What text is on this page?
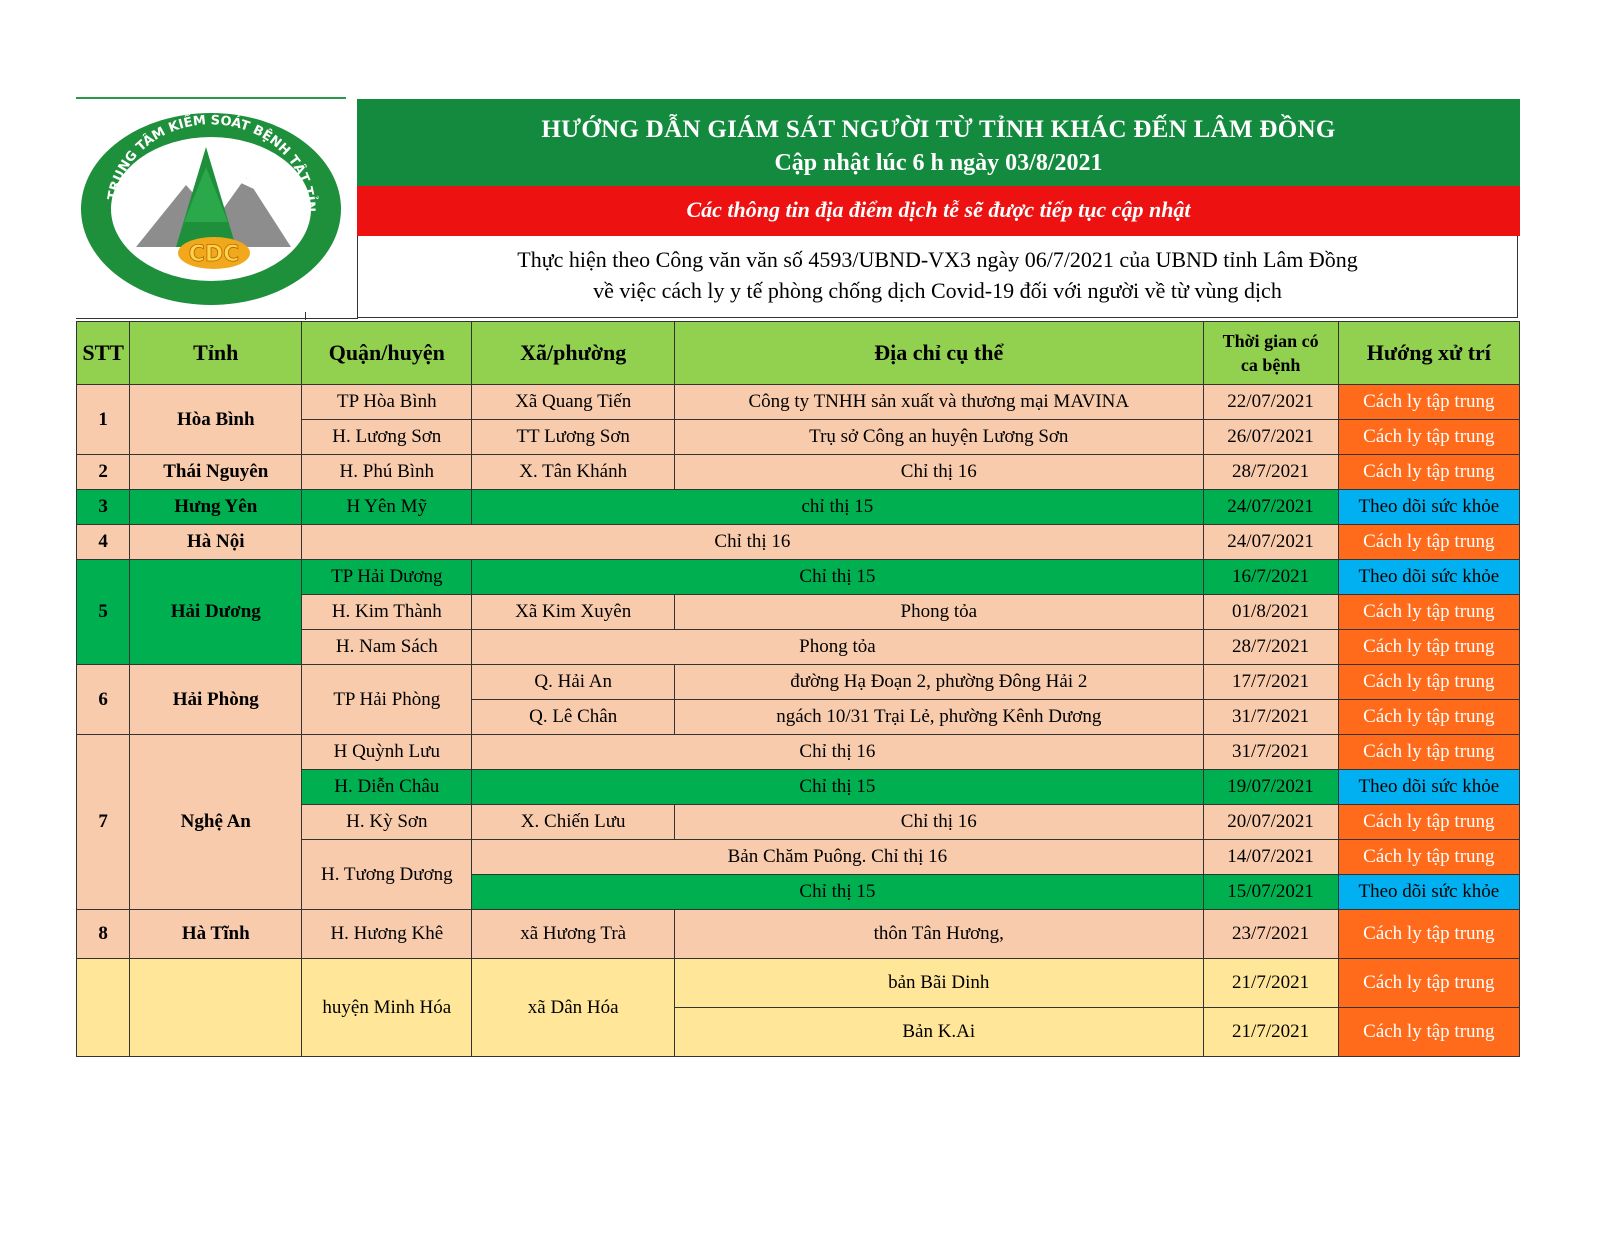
CDC
TRUNG TÂM KIỂM SOÁT BỆNH TẬT TỈN
HƯỚNG DẪN GIÁM SÁT NGƯỜI TỪ TỈNH KHÁC ĐẾN LÂM ĐỒNG
Cập nhật lúc 6 h ngày 03/8/2021
Các thông tin địa điểm dịch tễ sẽ được tiếp tục cập nhật
Thực hiện theo Công văn văn số 4593/UBND-VX3 ngày 06/7/2021 của UBND tỉnh Lâm Đồng
về việc cách ly y tế phòng chống dịch Covid-19 đối với người về từ vùng dịch
STT	Tỉnh	Quận/huyện	Xã/phường	Địa chỉ cụ thể	Thời gian có
ca bệnh	Hướng xử trí
1	Hòa Bình	TP Hòa Bình	Xã Quang Tiến	Công ty TNHH sản xuất và thương mại MAVINA	22/07/2021	Cách ly tập trung
		H. Lương Sơn	TT Lương Sơn	Trụ sở Công an huyện Lương Sơn	26/07/2021	Cách ly tập trung
2	Thái Nguyên	H. Phú Bình	X. Tân Khánh	Chỉ thị 16	28/7/2021	Cách ly tập trung
3	Hưng Yên	H Yên Mỹ	chỉ thị 15		24/07/2021	Theo dõi sức khỏe
4	Hà Nội	Chỉ thị 16			24/07/2021	Cách ly tập trung
5	Hải Dương	TP Hải Dương	Chỉ thị 15		16/7/2021	Theo dõi sức khỏe
		H. Kim Thành	Xã Kim Xuyên	Phong tỏa	01/8/2021	Cách ly tập trung
		H. Nam Sách	Phong tỏa		28/7/2021	Cách ly tập trung
6	Hải Phòng	TP Hải Phòng	Q. Hải An	đường Hạ Đoạn 2, phường Đông Hải 2	17/7/2021	Cách ly tập trung
			Q. Lê Chân	ngách 10/31 Trại Lẻ, phường Kênh Dương	31/7/2021	Cách ly tập trung
7	Nghệ An	H Quỳnh Lưu	Chỉ thị 16		31/7/2021	Cách ly tập trung
		H. Diễn Châu	Chỉ thị 15		19/07/2021	Theo dõi sức khỏe
		H. Kỳ Sơn	X. Chiến Lưu	Chỉ thị 16	20/07/2021	Cách ly tập trung
		H. Tương Dương	Bản Chăm Puông. Chỉ thị 16		14/07/2021	Cách ly tập trung
			Chỉ thị 15		15/07/2021	Theo dõi sức khỏe
8	Hà Tĩnh	H. Hương Khê	xã Hương Trà	thôn Tân Hương,	23/7/2021	Cách ly tập trung
		huyện Minh Hóa	xã Dân Hóa	bản Bãi Dinh	21/7/2021	Cách ly tập trung
				Bản K.Ai	21/7/2021	Cách ly tập trung
